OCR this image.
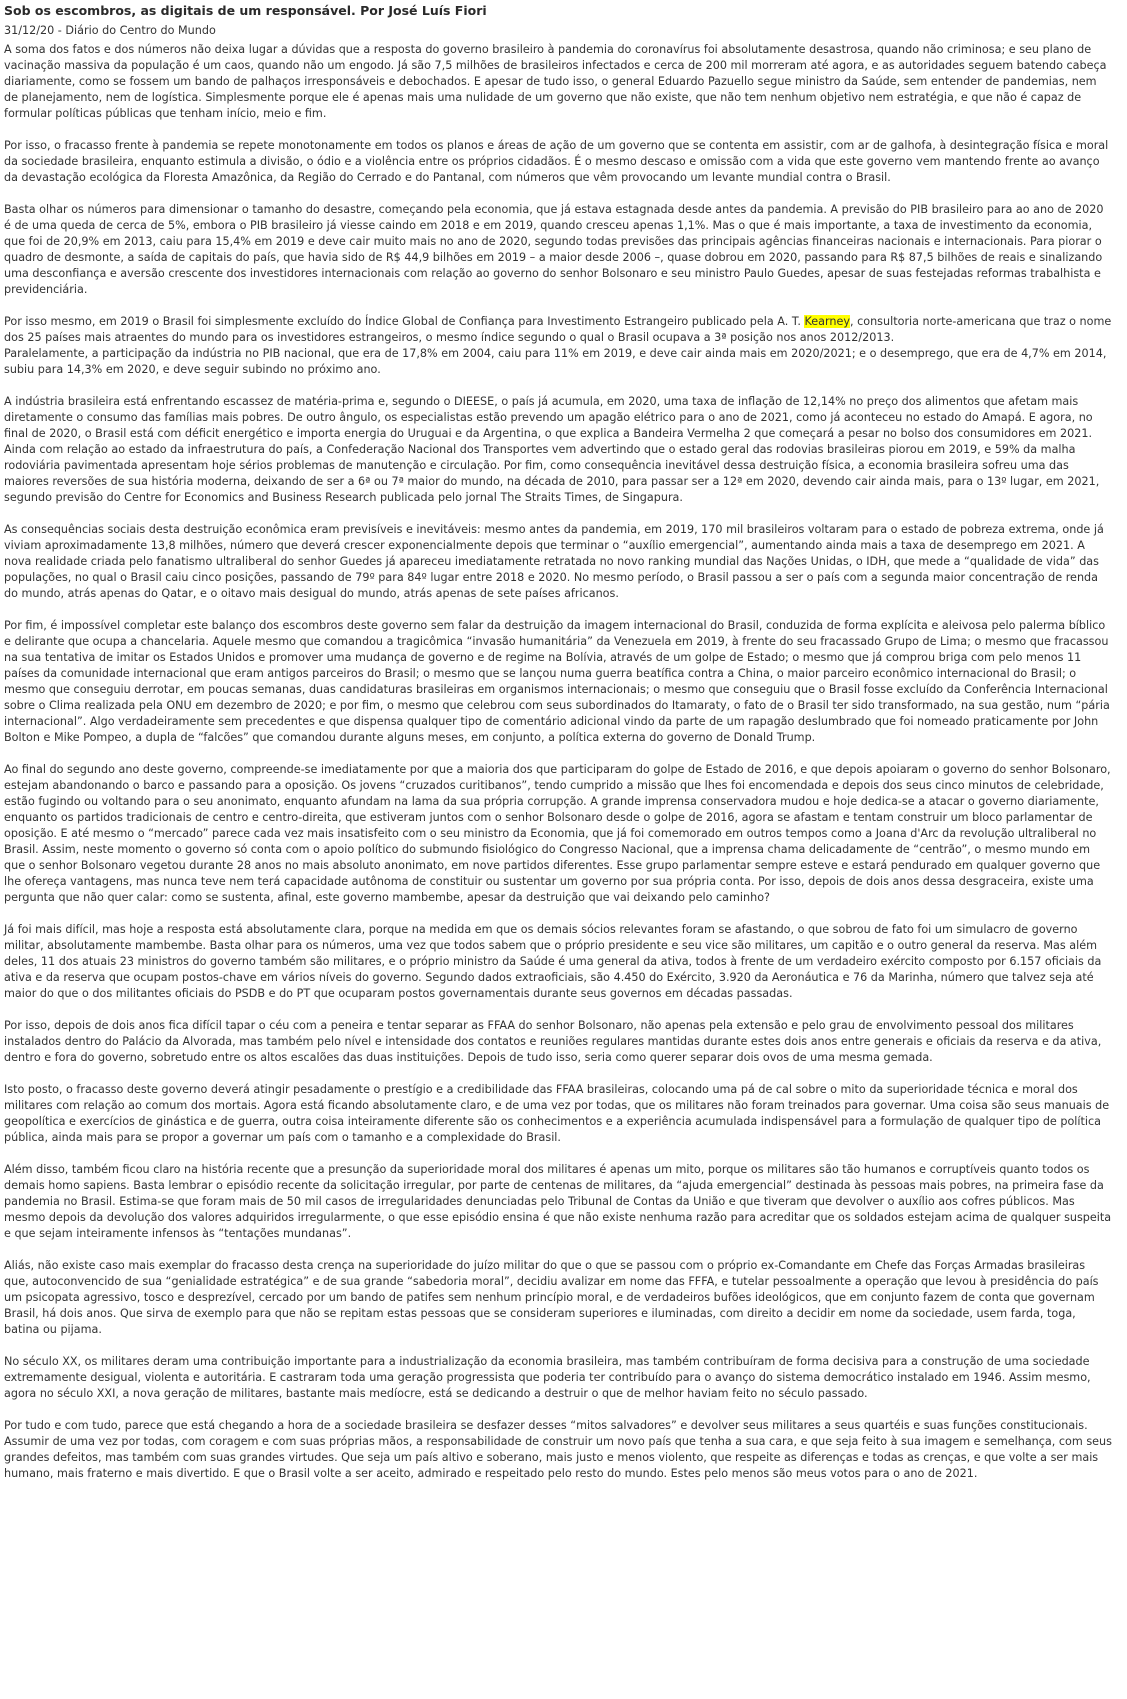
Sob os escombros, as digitais de um responsável. Por José Luís Fiori
31/12/20 - Diário do Centro do Mundo

A soma dos fatos e dos números não deixa lugar a dúvidas que a resposta do governo brasileiro à pandemia do coronavírus foi absolutamente desastrosa, quando não criminosa; e seu plano de vacinação massiva da população é um caos, quando não um engodo. Já são 7,5 milhões de brasileiros infectados e cerca de 200 mil morreram até agora, e as autoridades seguem batendo cabeça diariamente, como se fossem um bando de palhaços irresponsáveis e debochados. E apesar de tudo isso, o general Eduardo Pazuello segue ministro da Saúde, sem entender de pandemias, nem de planejamento, nem de logística. Simplesmente porque ele é apenas mais uma nulidade de um governo que não existe, que não tem nenhum objetivo nem estratégia, e que não é capaz de formular políticas públicas que tenham início, meio e fim.

Por isso, o fracasso frente à pandemia se repete monotonamente em todos os planos e áreas de ação de um governo que se contenta em assistir, com ar de galhofa, à desintegração física e moral da sociedade brasileira, enquanto estimula a divisão, o ódio e a violência entre os próprios cidadãos. É o mesmo descaso e omissão com a vida que este governo vem mantendo frente ao avanço da devastação ecológica da Floresta Amazônica, da Região do Cerrado e do Pantanal, com números que vêm provocando um levante mundial contra o Brasil.

Basta olhar os números para dimensionar o tamanho do desastre, começando pela economia, que já estava estagnada desde antes da pandemia. A previsão do PIB brasileiro para ao ano de 2020 é de uma queda de cerca de 5%, embora o PIB brasileiro já viesse caindo em 2018 e em 2019, quando cresceu apenas 1,1%. Mas o que é mais importante, a taxa de investimento da economia, que foi de 20,9% em 2013, caiu para 15,4% em 2019 e deve cair muito mais no ano de 2020, segundo todas previsões das principais agências financeiras nacionais e internacionais. Para piorar o quadro de desmonte, a saída de capitais do país, que havia sido de R$ 44,9 bilhões em 2019 – a maior desde 2006 –, quase dobrou em 2020, passando para R$ 87,5 bilhões de reais e sinalizando uma desconfiança e aversão crescente dos investidores internacionais com relação ao governo do senhor Bolsonaro e seu ministro Paulo Guedes, apesar de suas festejadas reformas trabalhista e previdenciária.

Por isso mesmo, em 2019 o Brasil foi simplesmente excluído do Índice Global de Confiança para Investimento Estrangeiro publicado pela A. T. Kearney, consultoria norte-americana que traz o nome dos 25 países mais atraentes do mundo para os investidores estrangeiros, o mesmo índice segundo o qual o Brasil ocupava a 3ª posição nos anos 2012/2013.
Paralelamente, a participação da indústria no PIB nacional, que era de 17,8% em 2004, caiu para 11% em 2019, e deve cair ainda mais em 2020/2021; e o desemprego, que era de 4,7% em 2014, subiu para 14,3% em 2020, e deve seguir subindo no próximo ano.

A indústria brasileira está enfrentando escassez de matéria-prima e, segundo o DIEESE, o país já acumula, em 2020, uma taxa de inflação de 12,14% no preço dos alimentos que afetam mais diretamente o consumo das famílias mais pobres. De outro ângulo, os especialistas estão prevendo um apagão elétrico para o ano de 2021, como já aconteceu no estado do Amapá. E agora, no final de 2020, o Brasil está com déficit energético e importa energia do Uruguai e da Argentina, o que explica a Bandeira Vermelha 2 que começará a pesar no bolso dos consumidores em 2021. Ainda com relação ao estado da infraestrutura do país, a Confederação Nacional dos Transportes vem advertindo que o estado geral das rodovias brasileiras piorou em 2019, e 59% da malha rodoviária pavimentada apresentam hoje sérios problemas de manutenção e circulação. Por fim, como consequência inevitável dessa destruição física, a economia brasileira sofreu uma das maiores reversões de sua história moderna, deixando de ser a 6ª ou 7ª maior do mundo, na década de 2010, para passar ser a 12ª em 2020, devendo cair ainda mais, para o 13º lugar, em 2021, segundo previsão do Centre for Economics and Business Research publicada pelo jornal The Straits Times, de Singapura.

As consequências sociais desta destruição econômica eram previsíveis e inevitáveis: mesmo antes da pandemia, em 2019, 170 mil brasileiros voltaram para o estado de pobreza extrema, onde já viviam aproximadamente 13,8 milhões, número que deverá crescer exponencialmente depois que terminar o “auxílio emergencial”, aumentando ainda mais a taxa de desemprego em 2021. A nova realidade criada pelo fanatismo ultraliberal do senhor Guedes já apareceu imediatamente retratada no novo ranking mundial das Nações Unidas, o IDH, que mede a “qualidade de vida” das populações, no qual o Brasil caiu cinco posições, passando de 79º para 84º lugar entre 2018 e 2020. No mesmo período, o Brasil passou a ser o país com a segunda maior concentração de renda do mundo, atrás apenas do Qatar, e o oitavo mais desigual do mundo, atrás apenas de sete países africanos.

Por fim, é impossível completar este balanço dos escombros deste governo sem falar da destruição da imagem internacional do Brasil, conduzida de forma explícita e aleivosa pelo palerma bíblico e delirante que ocupa a chancelaria. Aquele mesmo que comandou a tragicômica “invasão humanitária” da Venezuela em 2019, à frente do seu fracassado Grupo de Lima; o mesmo que fracassou na sua tentativa de imitar os Estados Unidos e promover uma mudança de governo e de regime na Bolívia, através de um golpe de Estado; o mesmo que já comprou briga com pelo menos 11 países da comunidade internacional que eram antigos parceiros do Brasil; o mesmo que se lançou numa guerra beatífica contra a China, o maior parceiro econômico internacional do Brasil; o mesmo que conseguiu derrotar, em poucas semanas, duas candidaturas brasileiras em organismos internacionais; o mesmo que conseguiu que o Brasil fosse excluído da Conferência Internacional sobre o Clima realizada pela ONU em dezembro de 2020; e por fim, o mesmo que celebrou com seus subordinados do Itamaraty, o fato de o Brasil ter sido transformado, na sua gestão, num “pária internacional”. Algo verdadeiramente sem precedentes e que dispensa qualquer tipo de comentário adicional vindo da parte de um rapagão deslumbrado que foi nomeado praticamente por John Bolton e Mike Pompeo, a dupla de “falcões” que comandou durante alguns meses, em conjunto, a política externa do governo de Donald Trump.

Ao final do segundo ano deste governo, compreende-se imediatamente por que a maioria dos que participaram do golpe de Estado de 2016, e que depois apoiaram o governo do senhor Bolsonaro, estejam abandonando o barco e passando para a oposição. Os jovens “cruzados curitibanos”, tendo cumprido a missão que lhes foi encomendada e depois dos seus cinco minutos de celebridade, estão fugindo ou voltando para o seu anonimato, enquanto afundam na lama da sua própria corrupção. A grande imprensa conservadora mudou e hoje dedica-se a atacar o governo diariamente, enquanto os partidos tradicionais de centro e centro-direita, que estiveram juntos com o senhor Bolsonaro desde o golpe de 2016, agora se afastam e tentam construir um bloco parlamentar de oposição. E até mesmo o “mercado” parece cada vez mais insatisfeito com o seu ministro da Economia, que já foi comemorado em outros tempos como a Joana d'Arc da revolução ultraliberal no Brasil. Assim, neste momento o governo só conta com o apoio político do submundo fisiológico do Congresso Nacional, que a imprensa chama delicadamente de “centrão”, o mesmo mundo em que o senhor Bolsonaro vegetou durante 28 anos no mais absoluto anonimato, em nove partidos diferentes. Esse grupo parlamentar sempre esteve e estará pendurado em qualquer governo que lhe ofereça vantagens, mas nunca teve nem terá capacidade autônoma de constituir ou sustentar um governo por sua própria conta. Por isso, depois de dois anos dessa desgraceira, existe uma pergunta que não quer calar: como se sustenta, afinal, este governo mambembe, apesar da destruição que vai deixando pelo caminho?

Já foi mais difícil, mas hoje a resposta está absolutamente clara, porque na medida em que os demais sócios relevantes foram se afastando, o que sobrou de fato foi um simulacro de governo militar, absolutamente mambembe. Basta olhar para os números, uma vez que todos sabem que o próprio presidente e seu vice são militares, um capitão e o outro general da reserva. Mas além deles, 11 dos atuais 23 ministros do governo também são militares, e o próprio ministro da Saúde é uma general da ativa, todos à frente de um verdadeiro exército composto por 6.157 oficiais da ativa e da reserva que ocupam postos-chave em vários níveis do governo. Segundo dados extraoficiais, são 4.450 do Exército, 3.920 da Aeronáutica e 76 da Marinha, número que talvez seja até maior do que o dos militantes oficiais do PSDB e do PT que ocuparam postos governamentais durante seus governos em décadas passadas.

Por isso, depois de dois anos fica difícil tapar o céu com a peneira e tentar separar as FFAA do senhor Bolsonaro, não apenas pela extensão e pelo grau de envolvimento pessoal dos militares instalados dentro do Palácio da Alvorada, mas também pelo nível e intensidade dos contatos e reuniões regulares mantidas durante estes dois anos entre generais e oficiais da reserva e da ativa, dentro e fora do governo, sobretudo entre os altos escalões das duas instituições. Depois de tudo isso, seria como querer separar dois ovos de uma mesma gemada.

Isto posto, o fracasso deste governo deverá atingir pesadamente o prestígio e a credibilidade das FFAA brasileiras, colocando uma pá de cal sobre o mito da superioridade técnica e moral dos militares com relação ao comum dos mortais. Agora está ficando absolutamente claro, e de uma vez por todas, que os militares não foram treinados para governar. Uma coisa são seus manuais de geopolítica e exercícios de ginástica e de guerra, outra coisa inteiramente diferente são os conhecimentos e a experiência acumulada indispensável para a formulação de qualquer tipo de política pública, ainda mais para se propor a governar um país com o tamanho e a complexidade do Brasil.

Além disso, também ficou claro na história recente que a presunção da superioridade moral dos militares é apenas um mito, porque os militares são tão humanos e corruptíveis quanto todos os demais homo sapiens. Basta lembrar o episódio recente da solicitação irregular, por parte de centenas de militares, da “ajuda emergencial” destinada às pessoas mais pobres, na primeira fase da pandemia no Brasil. Estima-se que foram mais de 50 mil casos de irregularidades denunciadas pelo Tribunal de Contas da União e que tiveram que devolver o auxílio aos cofres públicos. Mas mesmo depois da devolução dos valores adquiridos irregularmente, o que esse episódio ensina é que não existe nenhuma razão para acreditar que os soldados estejam acima de qualquer suspeita e que sejam inteiramente infensos às “tentações mundanas”.

Aliás, não existe caso mais exemplar do fracasso desta crença na superioridade do juízo militar do que o que se passou com o próprio ex-Comandante em Chefe das Forças Armadas brasileiras que, autoconvencido de sua “genialidade estratégica” e de sua grande “sabedoria moral”, decidiu avalizar em nome das FFFA, e tutelar pessoalmente a operação que levou à presidência do país um psicopata agressivo, tosco e desprezível, cercado por um bando de patifes sem nenhum princípio moral, e de verdadeiros bufões ideológicos, que em conjunto fazem de conta que governam Brasil, há dois anos. Que sirva de exemplo para que não se repitam estas pessoas que se consideram superiores e iluminadas, com direito a decidir em nome da sociedade, usem farda, toga, batina ou pijama.

No século XX, os militares deram uma contribuição importante para a industrialização da economia brasileira, mas também contribuíram de forma decisiva para a construção de uma sociedade extremamente desigual, violenta e autoritária. E castraram toda uma geração progressista que poderia ter contribuído para o avanço do sistema democrático instalado em 1946. Assim mesmo, agora no século XXI, a nova geração de militares, bastante mais medíocre, está se dedicando a destruir o que de melhor haviam feito no século passado.

Por tudo e com tudo, parece que está chegando a hora de a sociedade brasileira se desfazer desses “mitos salvadores” e devolver seus militares a seus quartéis e suas funções constitucionais. Assumir de uma vez por todas, com coragem e com suas próprias mãos, a responsabilidade de construir um novo país que tenha a sua cara, e que seja feito à sua imagem e semelhança, com seus grandes defeitos, mas também com suas grandes virtudes. Que seja um país altivo e soberano, mais justo e menos violento, que respeite as diferenças e todas as crenças, e que volte a ser mais humano, mais fraterno e mais divertido. E que o Brasil volte a ser aceito, admirado e respeitado pelo resto do mundo. Estes pelo menos são meus votos para o ano de 2021.
